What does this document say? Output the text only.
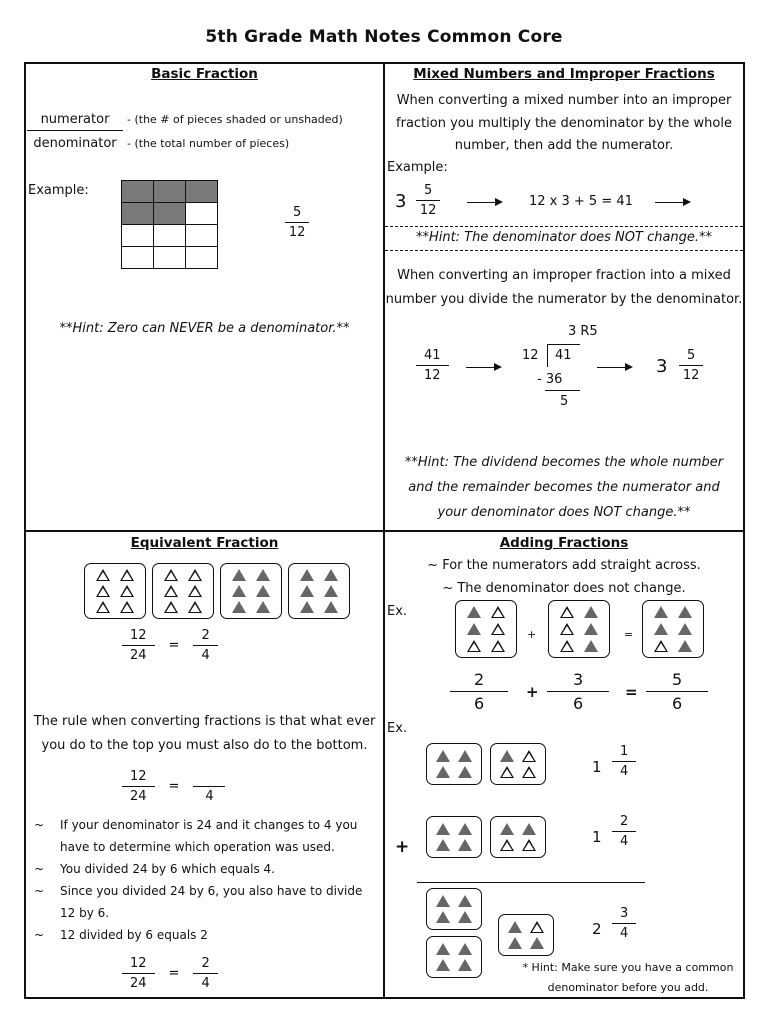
5th Grade Math Notes Common Core
Basic Fraction
numerator	- (the # of pieces shaded or unshaded)
denominator - (the total number of pieces)
Example:

$\frac{5}{12}$
**Hint: Zero can NEVER be a denominator.**
Mixed Numbers and Improper Fractions
When converting a mixed number into an improper
fraction you multiply the denominator by the whole
number, then add the numerator.
Example:
$3 \frac{5}{12}$	12 x 3 + 5 = 41
**Hint: The denominator does NOT change.**
When converting an improper fraction into a mixed
number you divide the numerator by the denominator.
$\frac{41}{12}$
3 R5
12 41
- 36
5
$3 \frac{5}{12}$
**Hint: The dividend becomes the whole number
and the remainder becomes the numerator and
your denominator does NOT change.**
Equivalent Fraction
$\frac{12}{24} = \frac{2}{4}$
The rule when converting fractions is that what ever
you do to the top you must also do to the bottom.
$\frac{12}{24}$ =
4
~	If your denominator is 24 and it changes to 4 you
have to determine which operation was used.
~	You divided 24 by 6 which equals 4.
~	Since you divided 24 by 6, you also have to divide
12 by 6.
~	12 divided by 6 equals 2
$\frac{12}{24} = \frac{2}{4}$
Adding Fractions
~ For the numerators add straight across.
~ The denominator does not change.
Ex.
+	=
$\frac{2}{6} + \frac{3}{6} = \frac{5}{6}$
Ex.
$1 \frac{1}{4}$
+	$1 \frac{2}{4}$
$2 \frac{3}{4}$
* Hint: Make sure you have a common
denominator before you add.
